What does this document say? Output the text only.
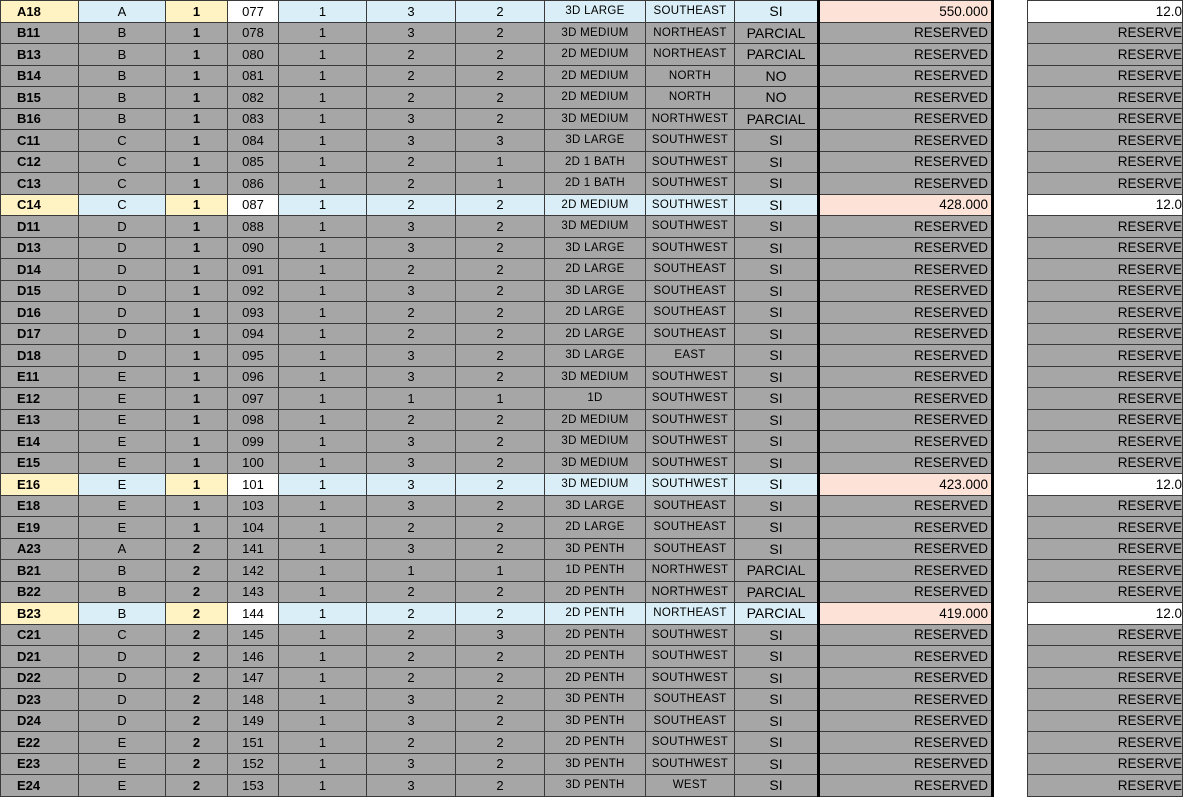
A18	A	1	077	1	3	2	3D LARGE	SOUTHEAST	SI	550.000		12.0
B11	B	1	078	1	3	2	3D MEDIUM	NORTHEAST	PARCIAL	RESERVED		RESERVE
B13	B	1	080	1	2	2	2D MEDIUM	NORTHEAST	PARCIAL	RESERVED		RESERVE
B14	B	1	081	1	2	2	2D MEDIUM	NORTH	NO	RESERVED		RESERVE
B15	B	1	082	1	2	2	2D MEDIUM	NORTH	NO	RESERVED		RESERVE
B16	B	1	083	1	3	2	3D MEDIUM	NORTHWEST	PARCIAL	RESERVED		RESERVE
C11	C	1	084	1	3	3	3D LARGE	SOUTHWEST	SI	RESERVED		RESERVE
C12	C	1	085	1	2	1	2D 1 BATH	SOUTHWEST	SI	RESERVED		RESERVE
C13	C	1	086	1	2	1	2D 1 BATH	SOUTHWEST	SI	RESERVED		RESERVE
C14	C	1	087	1	2	2	2D MEDIUM	SOUTHWEST	SI	428.000		12.0
D11	D	1	088	1	3	2	3D MEDIUM	SOUTHWEST	SI	RESERVED		RESERVE
D13	D	1	090	1	3	2	3D LARGE	SOUTHWEST	SI	RESERVED		RESERVE
D14	D	1	091	1	2	2	2D LARGE	SOUTHEAST	SI	RESERVED		RESERVE
D15	D	1	092	1	3	2	3D LARGE	SOUTHEAST	SI	RESERVED		RESERVE
D16	D	1	093	1	2	2	2D LARGE	SOUTHEAST	SI	RESERVED		RESERVE
D17	D	1	094	1	2	2	2D LARGE	SOUTHEAST	SI	RESERVED		RESERVE
D18	D	1	095	1	3	2	3D LARGE	EAST	SI	RESERVED		RESERVE
E11	E	1	096	1	3	2	3D MEDIUM	SOUTHWEST	SI	RESERVED		RESERVE
E12	E	1	097	1	1	1	1D	SOUTHWEST	SI	RESERVED		RESERVE
E13	E	1	098	1	2	2	2D MEDIUM	SOUTHWEST	SI	RESERVED		RESERVE
E14	E	1	099	1	3	2	3D MEDIUM	SOUTHWEST	SI	RESERVED		RESERVE
E15	E	1	100	1	3	2	3D MEDIUM	SOUTHWEST	SI	RESERVED		RESERVE
E16	E	1	101	1	3	2	3D MEDIUM	SOUTHWEST	SI	423.000		12.0
E18	E	1	103	1	3	2	3D LARGE	SOUTHEAST	SI	RESERVED		RESERVE
E19	E	1	104	1	2	2	2D LARGE	SOUTHEAST	SI	RESERVED		RESERVE
A23	A	2	141	1	3	2	3D PENTH	SOUTHEAST	SI	RESERVED		RESERVE
B21	B	2	142	1	1	1	1D PENTH	NORTHWEST	PARCIAL	RESERVED		RESERVE
B22	B	2	143	1	2	2	2D PENTH	NORTHWEST	PARCIAL	RESERVED		RESERVE
B23	B	2	144	1	2	2	2D PENTH	NORTHEAST	PARCIAL	419.000		12.0
C21	C	2	145	1	2	3	2D PENTH	SOUTHWEST	SI	RESERVED		RESERVE
D21	D	2	146	1	2	2	2D PENTH	SOUTHWEST	SI	RESERVED		RESERVE
D22	D	2	147	1	2	2	2D PENTH	SOUTHWEST	SI	RESERVED		RESERVE
D23	D	2	148	1	3	2	3D PENTH	SOUTHEAST	SI	RESERVED		RESERVE
D24	D	2	149	1	3	2	3D PENTH	SOUTHEAST	SI	RESERVED		RESERVE
E22	E	2	151	1	2	2	2D PENTH	SOUTHWEST	SI	RESERVED		RESERVE
E23	E	2	152	1	3	2	3D PENTH	SOUTHWEST	SI	RESERVED		RESERVE
E24	E	2	153	1	3	2	3D PENTH	WEST	SI	RESERVED		RESERVE
